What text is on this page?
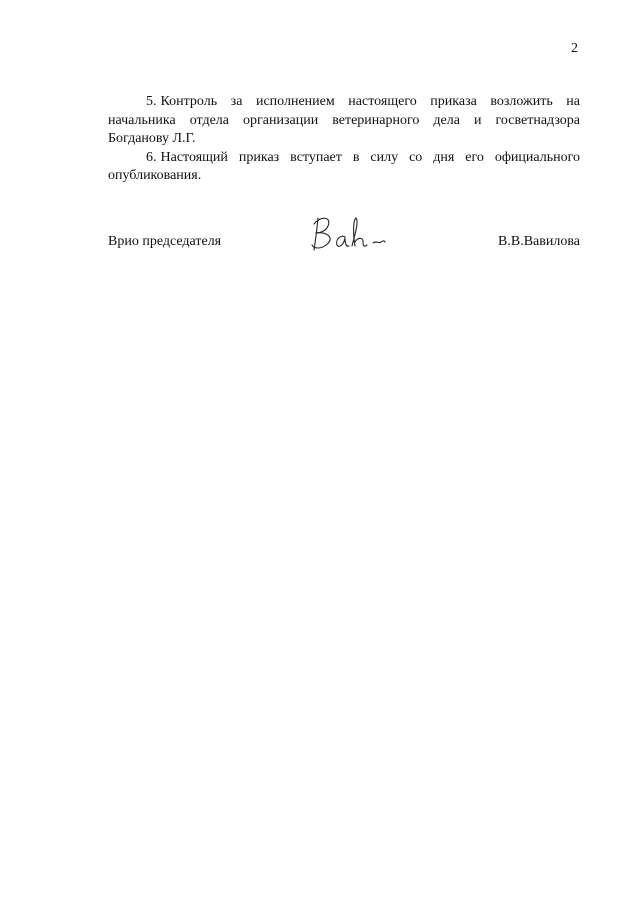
2

5. Контроль за исполнением настоящего приказа возложить на начальника отдела организации ветеринарного дела и госветнадзора Богданову Л.Г.

6. Настоящий приказ вступает в силу со дня его официального опубликования.

Врио председателя	В.В.Вавилова
